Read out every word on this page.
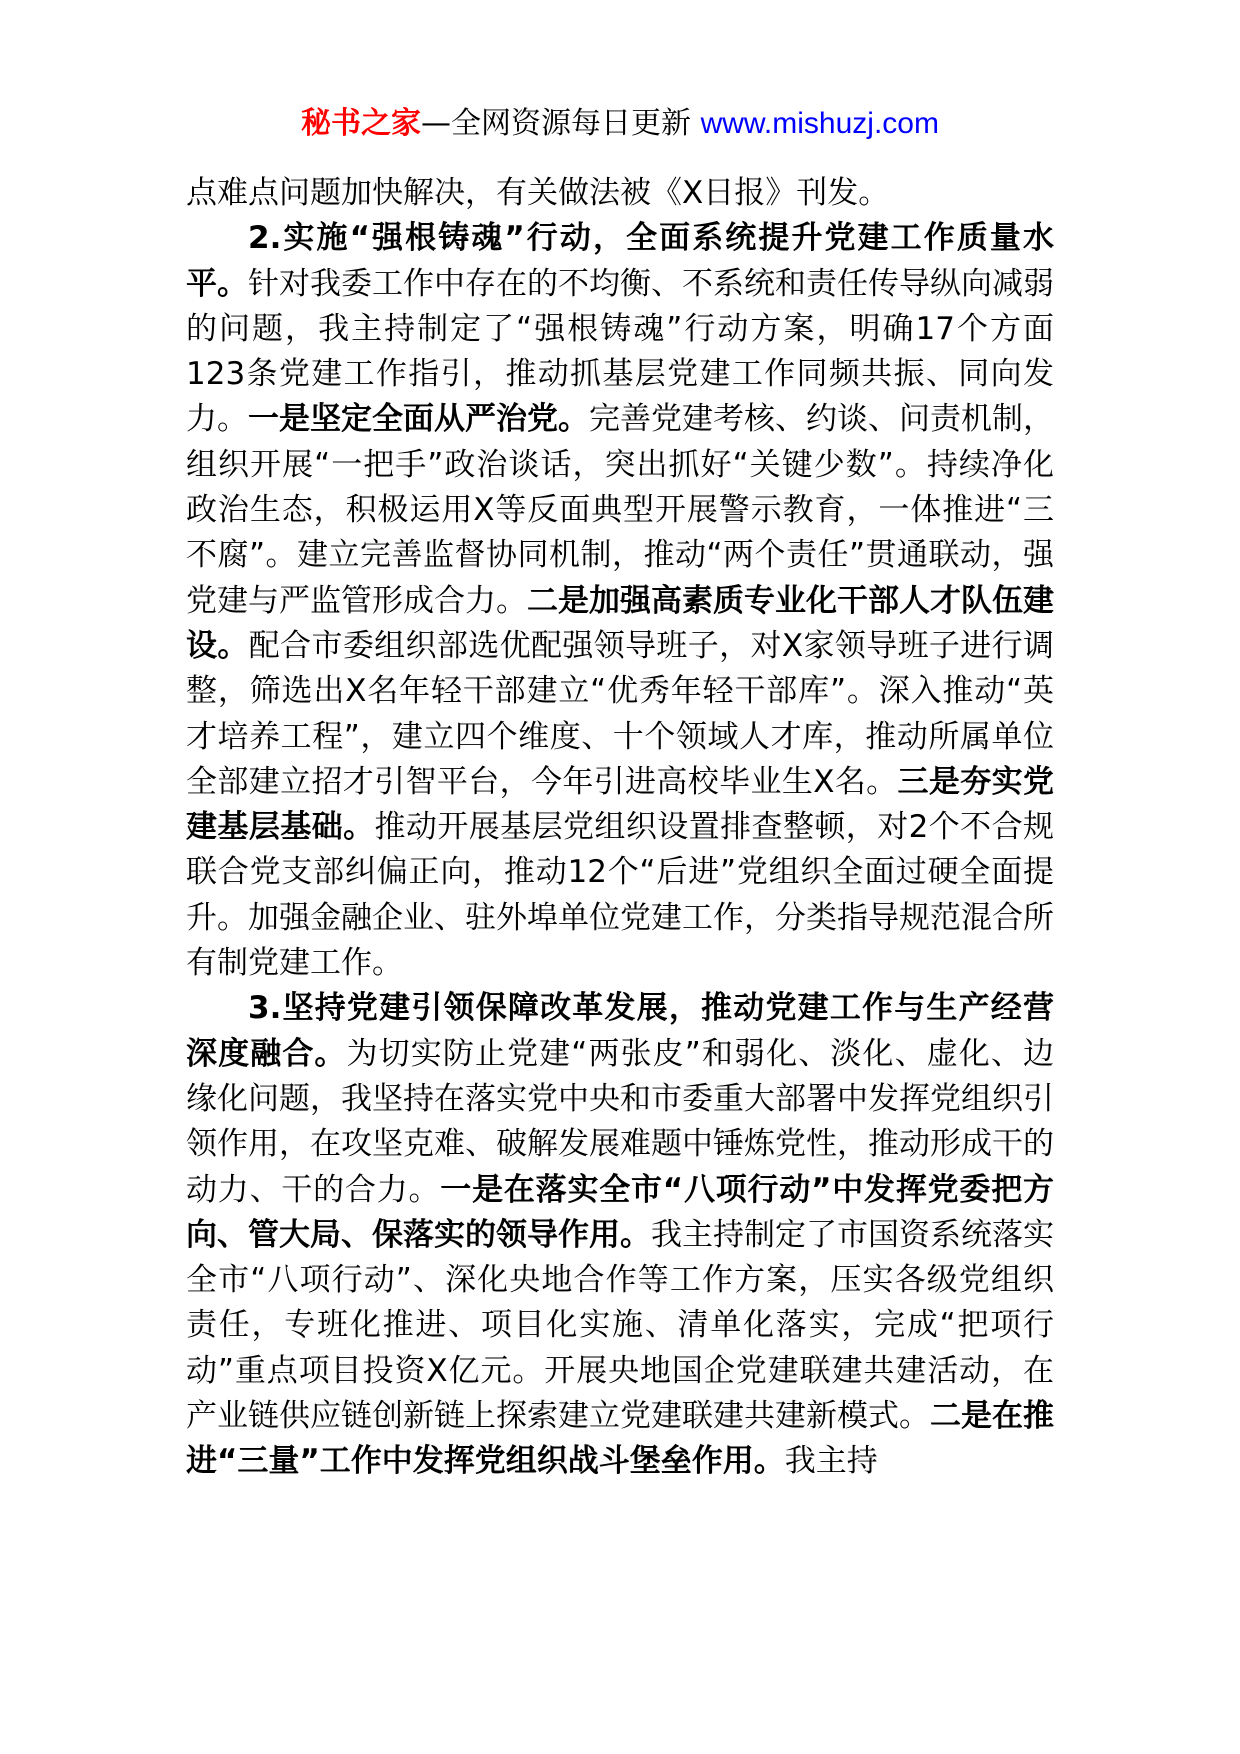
秘书之家—全网资源每日更新 www.mishuzj.com

点难点问题加快解决，有关做法被《X日报》刊发。

2.实施“强根铸魂”行动，全面系统提升党建工作质量水平。针对我委工作中存在的不均衡、不系统和责任传导纵向减弱的问题，我主持制定了“强根铸魂”行动方案，明确17个方面123条党建工作指引，推动抓基层党建工作同频共振、同向发力。一是坚定全面从严治党。完善党建考核、约谈、问责机制，组织开展“一把手”政治谈话，突出抓好“关键少数”。持续净化政治生态，积极运用X等反面典型开展警示教育，一体推进“三不腐”。建立完善监督协同机制，推动“两个责任”贯通联动，强党建与严监管形成合力。二是加强高素质专业化干部人才队伍建设。配合市委组织部选优配强领导班子，对X家领导班子进行调整，筛选出X名年轻干部建立“优秀年轻干部库”。深入推动“英才培养工程”，建立四个维度、十个领域人才库，推动所属单位全部建立招才引智平台，今年引进高校毕业生X名。三是夯实党建基层基础。推动开展基层党组织设置排查整顿，对2个不合规联合党支部纠偏正向，推动12个“后进”党组织全面过硬全面提升。加强金融企业、驻外埠单位党建工作，分类指导规范混合所有制党建工作。

3.坚持党建引领保障改革发展，推动党建工作与生产经营深度融合。为切实防止党建“两张皮”和弱化、淡化、虚化、边缘化问题，我坚持在落实党中央和市委重大部署中发挥党组织引领作用，在攻坚克难、破解发展难题中锤炼党性，推动形成干的动力、干的合力。一是在落实全市“八项行动”中发挥党委把方向、管大局、保落实的领导作用。我主持制定了市国资系统落实全市“八项行动”、深化央地合作等工作方案，压实各级党组织责任，专班化推进、项目化实施、清单化落实，完成“把项行动”重点项目投资X亿元。开展央地国企党建联建共建活动，在产业链供应链创新链上探索建立党建联建共建新模式。二是在推进“三量”工作中发挥党组织战斗堡垒作用。我主持
